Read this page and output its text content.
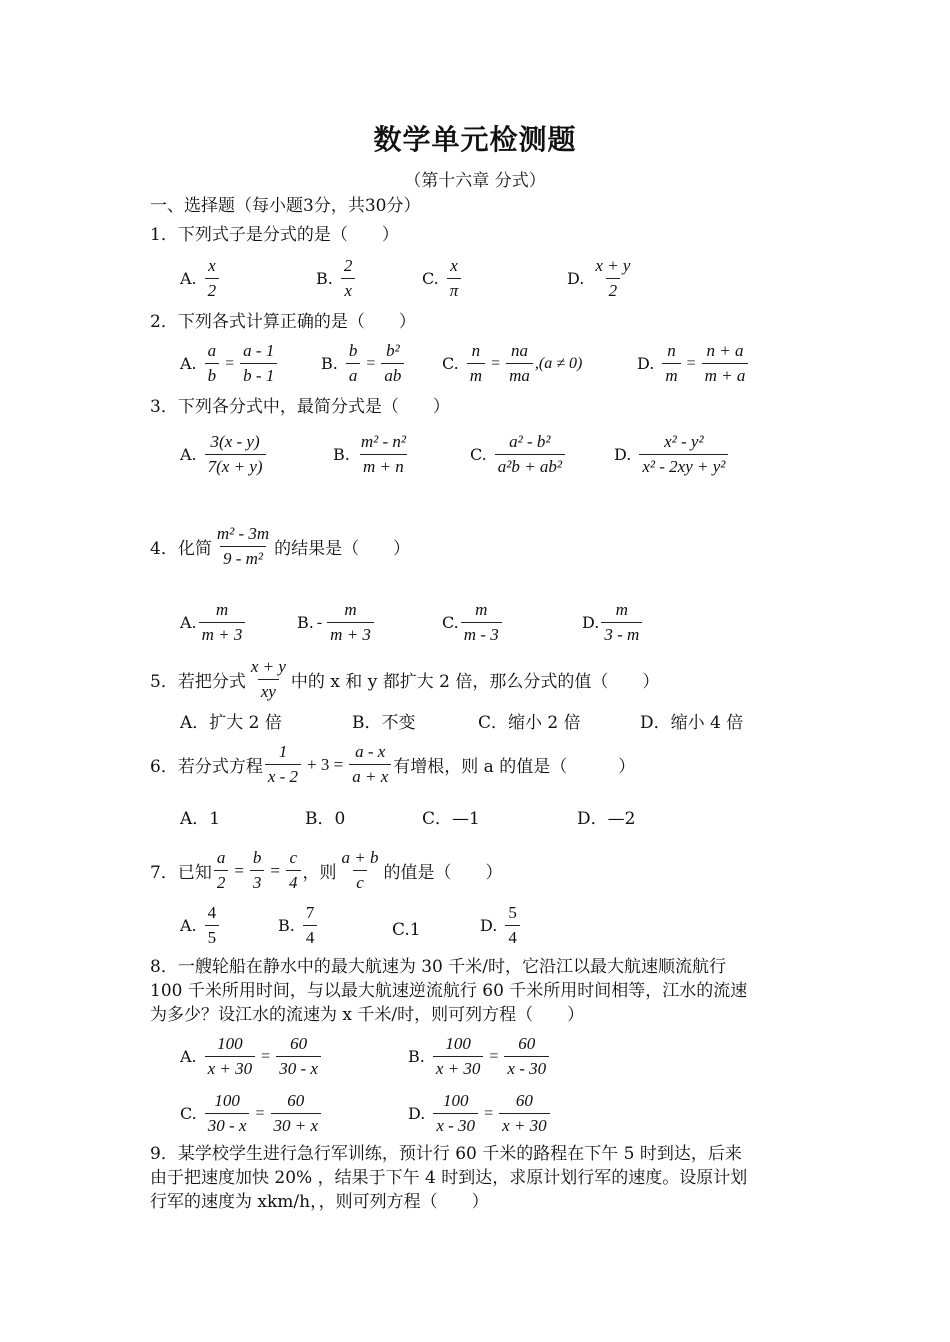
数学单元检测题
（第十六章 分式）
一、选择题（每小题3分，共30分）
1．下列式子是分式的是（　　）
A. $\frac{x}{2}$	B. $\frac{2}{x}$	C. $\frac{x}{\pi}$	D. $\frac{x + y}{2}$
2．下列各式计算正确的是（　　）
A. $\frac{a}{b} = \frac{a - 1}{b - 1}$	B. $\frac{b}{a} = \frac{\text{b²}}{ab} C$. $\frac{n}{m} = \frac{na}{ma} ,(a \ne 0)$	D. $\frac{n}{m} = \frac{n + a}{m + a}$
3．下列各分式中，最简分式是（　　）
A. $\frac{3(x - y)}{7(x + y)}$	B. $\frac{\text{m² - n²}}{m + n}$	C. $\frac{\text{a² - b²}}{\text{a²b + ab²}}$	D. $\frac{\text{x² - y²}}{\text{x² - 2xy + y²}}$
4．化简 $\frac{\text{m² - 3m}}{\text{9 - m²}}$ 的结果是（　　）
A. $\frac{m}{m + 3}$	B. - $\frac{m}{m + 3}$	C. $\frac{m}{m - 3}$	D. $\frac{m}{3 - m}$
5．若把分式 $\frac{x + y}{xy}$ 中的 x 和 y 都扩大 2 倍，那么分式的值（　　）
A．扩大 2 倍	B．不变	C．缩小 2 倍	D．缩小 4 倍
6．若分式方程 $\frac{1}{x - 2} + 3 = \frac{a - x}{a + x}$ 有增根，则 a 的值是（　　　）
A．1	B．0	C．—1	D．—2
7．已知 $\frac{a}{2} = \frac{b}{3} = \frac{c}{4}$ ，则 $\frac{a + b}{c}$ 的值是（　　）
A. $\frac{4}{5}$	B. $\frac{7}{4}$	C.1	D. $\frac{5}{4}$
8．一艘轮船在静水中的最大航速为 30 千米/时，它沿江以最大航速顺流航行
100 千米所用时间，与以最大航速逆流航行 60 千米所用时间相等，江水的流速
为多少？设江水的流速为 x 千米/时，则可列方程（　　）
A. $\frac{100}{x + 30} = \frac{60}{30 - x}$	B. $\frac{100}{x + 30} = \frac{60}{x - 30}$
C. $\frac{100}{30 - x} = \frac{60}{30 + x}$	D. $\frac{100}{x - 30} = \frac{60}{x + 30}$
9．某学校学生进行急行军训练，预计行 60 千米的路程在下午 5 时到达，后来
由于把速度加快 20% ，结果于下午 4 时到达，求原计划行军的速度。设原计划
行军的速度为 xkm/h，，则可列方程（　　）
